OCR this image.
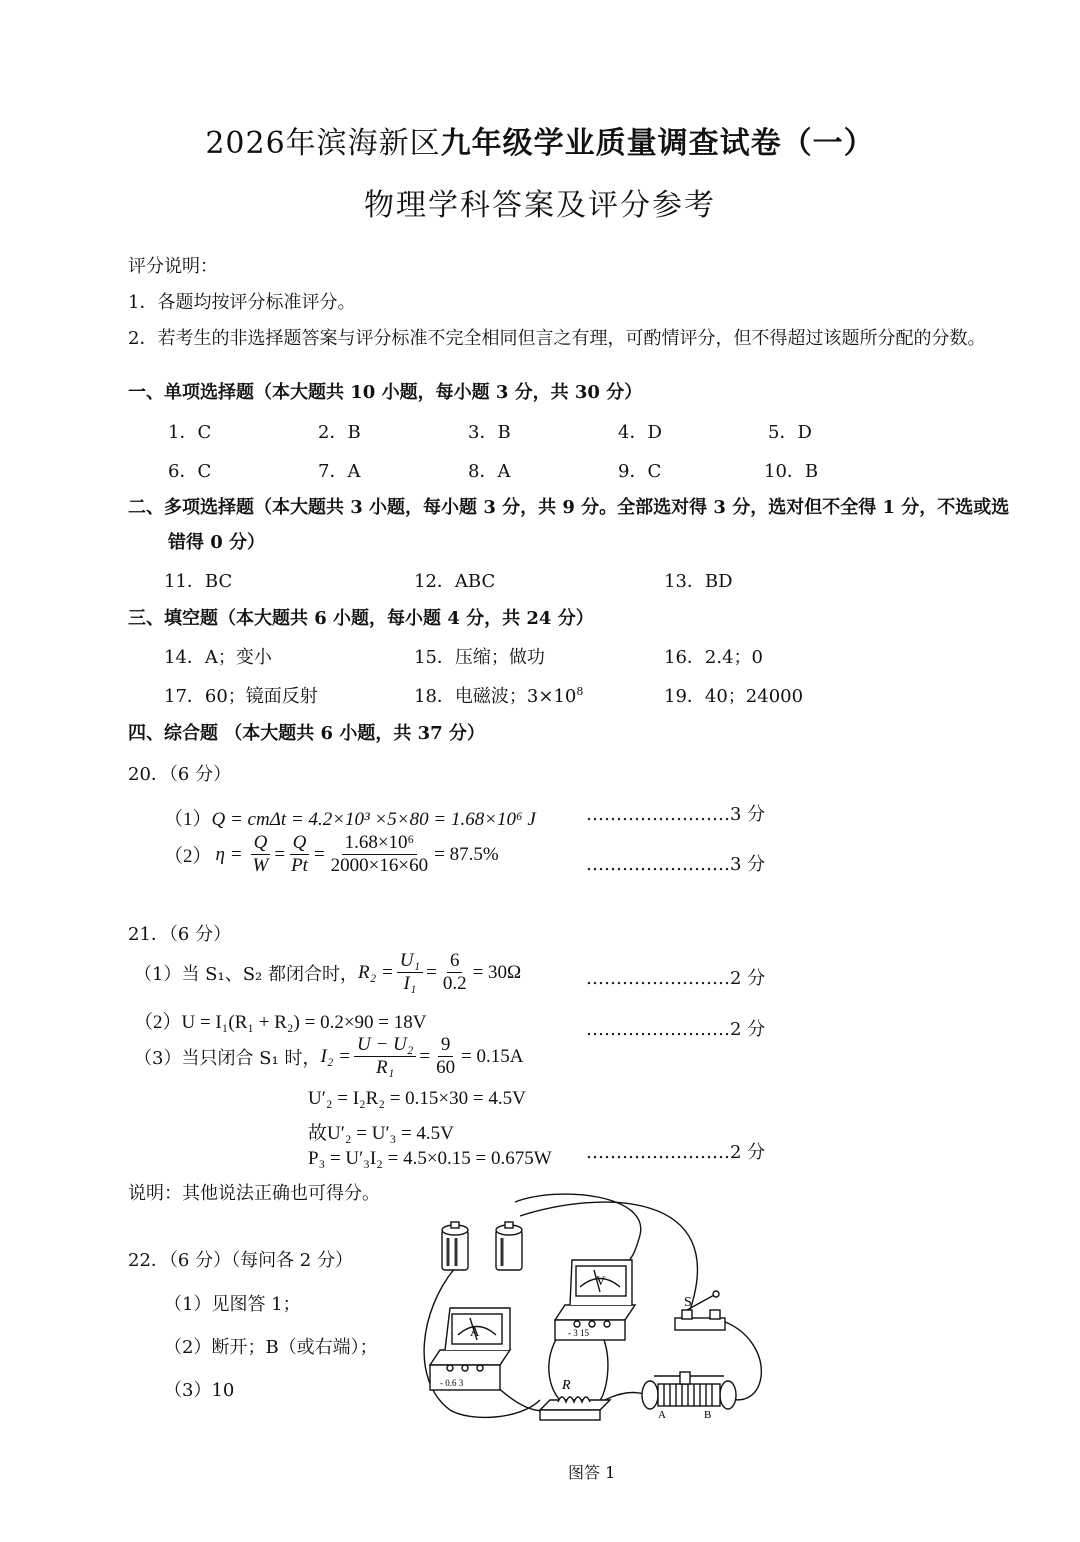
2026年滨海新区九年级学业质量调查试卷（一）
物理学科答案及评分参考
评分说明：
1．各题均按评分标准评分。
2．若考生的非选择题答案与评分标准不完全相同但言之有理，可酌情评分，但不得超过该题所分配的分数。
一、单项选择题（本大题共 10 小题，每小题 3 分，共 30 分）
1．C	2．B	3．B	4．D	5．D
6．C	7．A	8．A	9．C	10．B
二、多项选择题（本大题共 3 小题，每小题 3 分，共 9 分。全部选对得 3 分，选对但不全得 1 分，不选或选
错得 0 分）
11．BC	12．ABC	13．BD
三、填空题（本大题共 6 小题，每小题 4 分，共 24 分）
14．A；变小	15．压缩；做功	16．2.4；0
17．60；镜面反射	18．电磁波；$3\times 10^8$	19．40；24000
四、综合题 （本大题共 6 小题，共 37 分）
20．（6 分）
（1）Q = cmΔt = 4.2×10³ ×5×80 = 1.68×10⁶ J	……………………3 分
（2） $\eta = \frac{Q}{W} = \frac{Q}{Pt} = \frac{\text{1.68×10⁶}}{2000\times 16\times 60} = 87.5\%$	……………………3 分
21．（6 分）
（1）当 S₁、S₂ 都闭合时， $R_2 = \frac{\text{U₁}}{\text{I₁}} = \frac{6}{0.2} = 30\Omega$	……………………2 分
（2）U = I₁(R₁ + R₂) = 0.2×90 = 18V	……………………2 分
（3）当只闭合 S₁ 时， $I_2 = \frac{\text{U − U₂}}{\text{R₁}} = \frac{9}{60} = 0.15A$
U′₂ = I₂R₂ = 0.15×30 = 4.5V
故U′₂ = U′₃ = 4.5V
P₃ = U′₃I₂ = 4.5×0.15 = 0.675W ……………………2 分
说明：其他说法正确也可得分。
22．（6 分）（每问各 2 分）
（1）见图答 1；
（2）断开；B（或右端）；
（3）10
A
- 0.6 3
V
- 3 15
S
R
A	B
图答 1
